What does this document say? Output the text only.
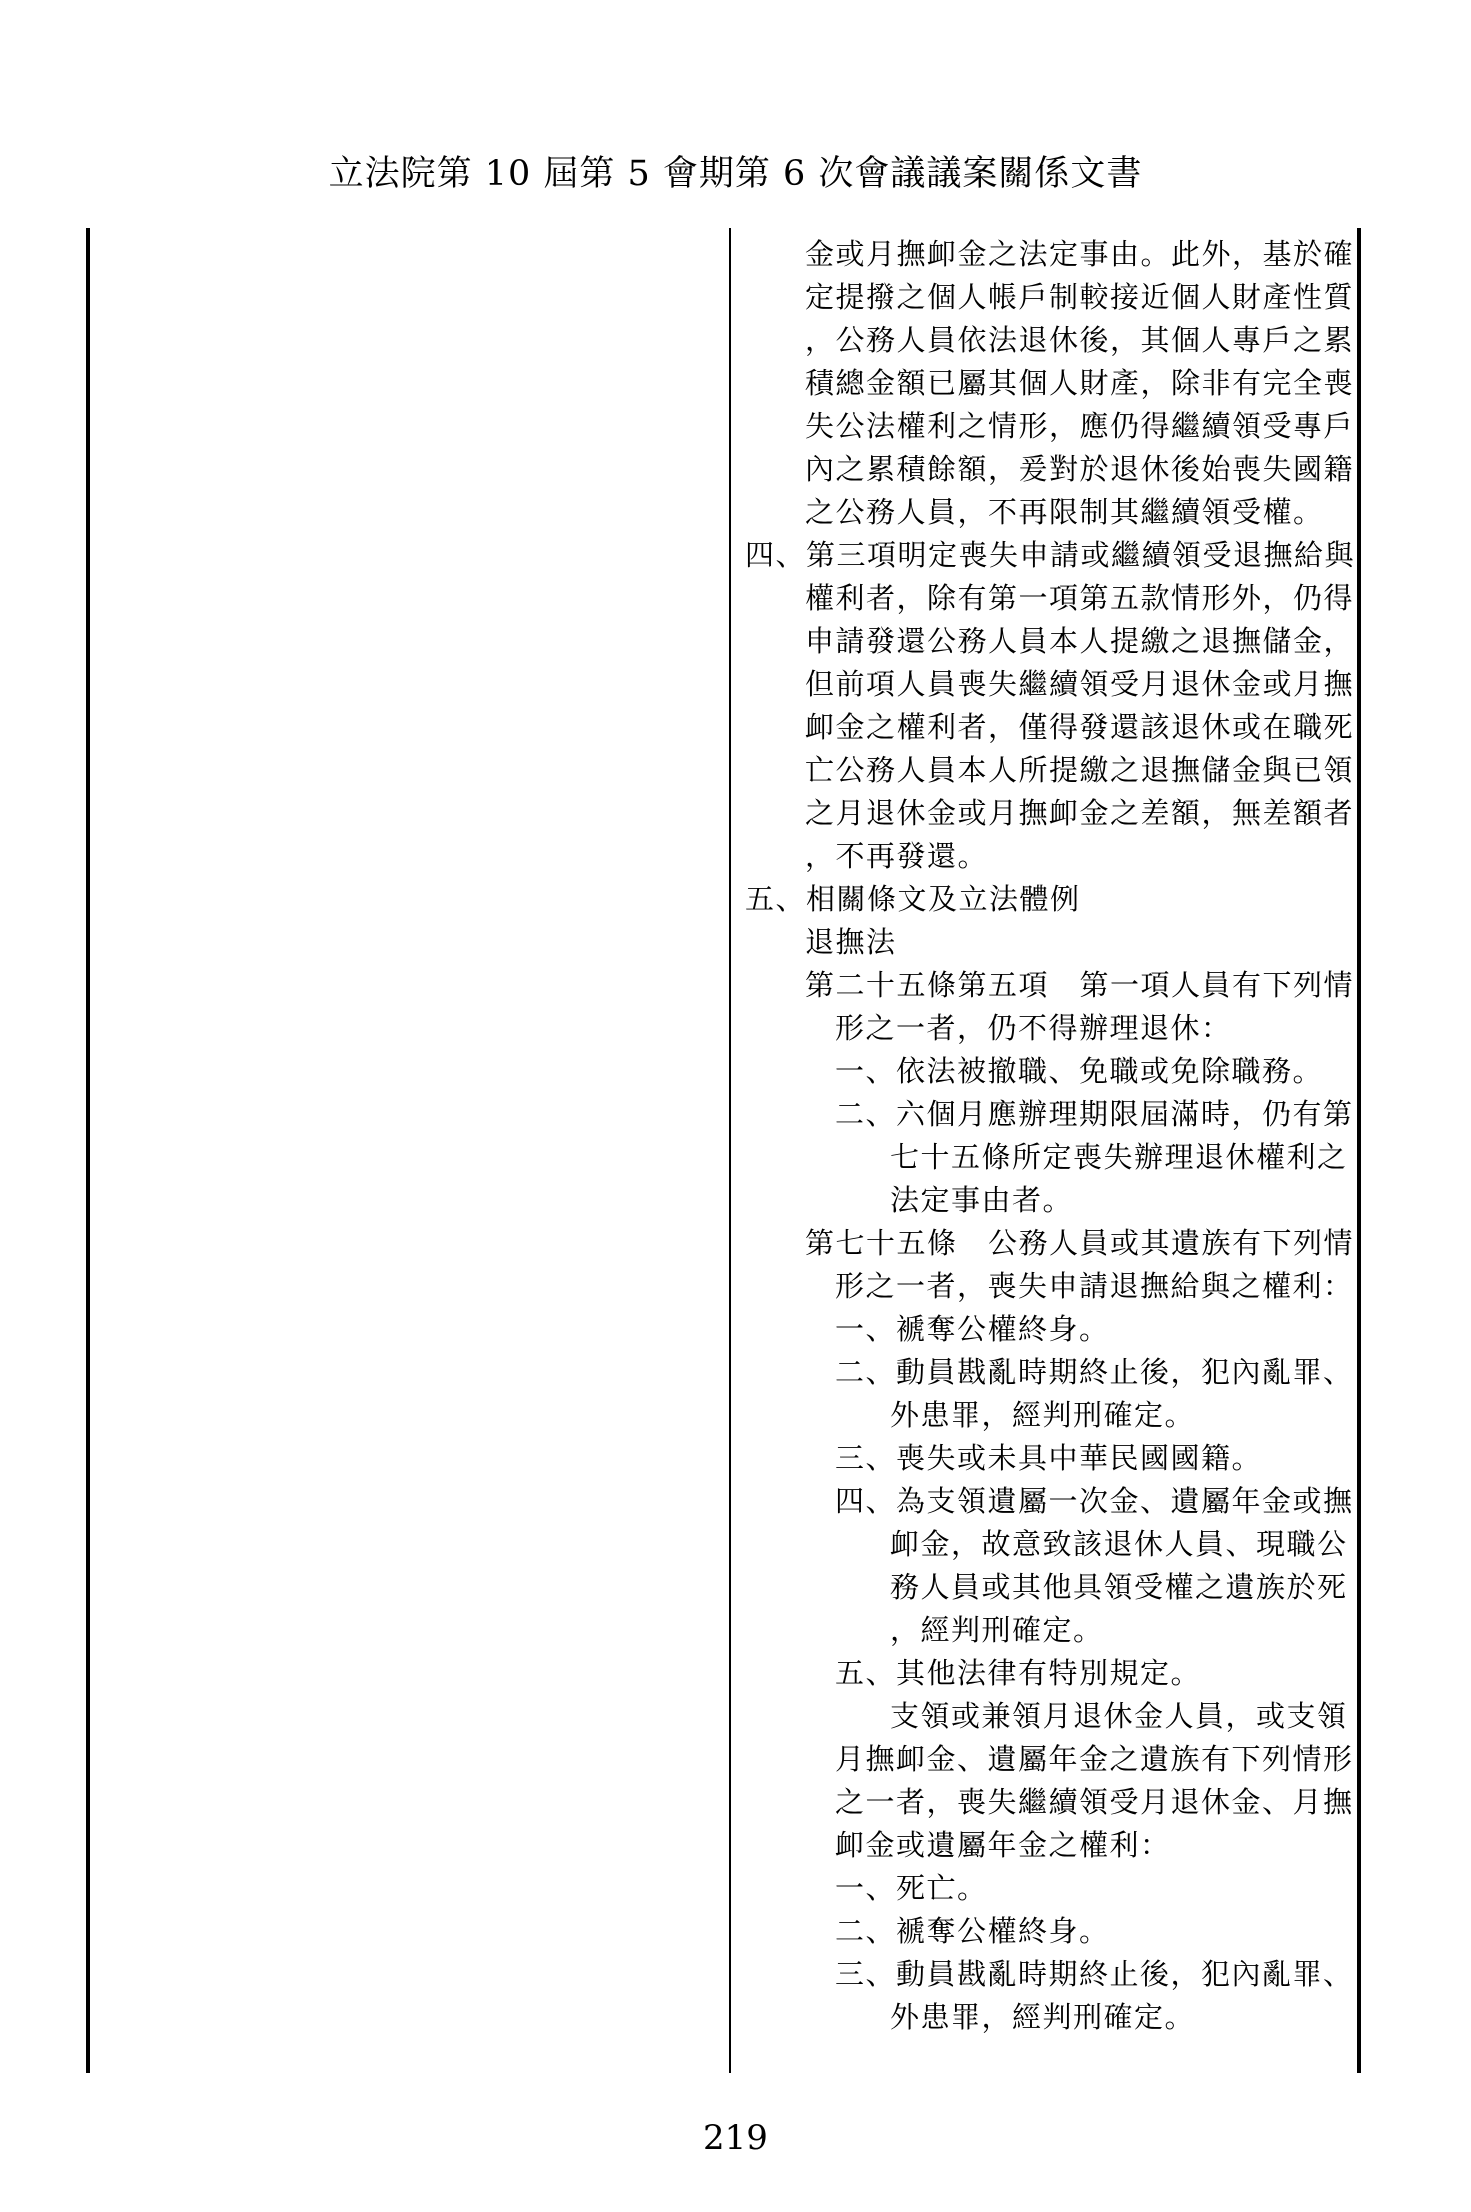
立法院第 10 屆第 5 會期第 6 次會議議案關係文書
金或月撫卹金之法定事由。此外，基於確
定提撥之個人帳戶制較接近個人財產性質
，公務人員依法退休後，其個人專戶之累
積總金額已屬其個人財產，除非有完全喪
失公法權利之情形，應仍得繼續領受專戶
內之累積餘額，爰對於退休後始喪失國籍
之公務人員，不再限制其繼續領受權。
四、第三項明定喪失申請或繼續領受退撫給與
權利者，除有第一項第五款情形外，仍得
申請發還公務人員本人提繳之退撫儲金，
但前項人員喪失繼續領受月退休金或月撫
卹金之權利者，僅得發還該退休或在職死
亡公務人員本人所提繳之退撫儲金與已領
之月退休金或月撫卹金之差額，無差額者
，不再發還。
五、相關條文及立法體例
退撫法
第二十五條第五項　第一項人員有下列情
形之一者，仍不得辦理退休：
一、依法被撤職、免職或免除職務。
二、六個月應辦理期限屆滿時，仍有第
七十五條所定喪失辦理退休權利之
法定事由者。
第七十五條　公務人員或其遺族有下列情
形之一者，喪失申請退撫給與之權利：
一、褫奪公權終身。
二、動員戡亂時期終止後，犯內亂罪、
外患罪，經判刑確定。
三、喪失或未具中華民國國籍。
四、為支領遺屬一次金、遺屬年金或撫
卹金，故意致該退休人員、現職公
務人員或其他具領受權之遺族於死
，經判刑確定。
五、其他法律有特別規定。
支領或兼領月退休金人員，或支領
月撫卹金、遺屬年金之遺族有下列情形
之一者，喪失繼續領受月退休金、月撫
卹金或遺屬年金之權利：
一、死亡。
二、褫奪公權終身。
三、動員戡亂時期終止後，犯內亂罪、
外患罪，經判刑確定。
219
